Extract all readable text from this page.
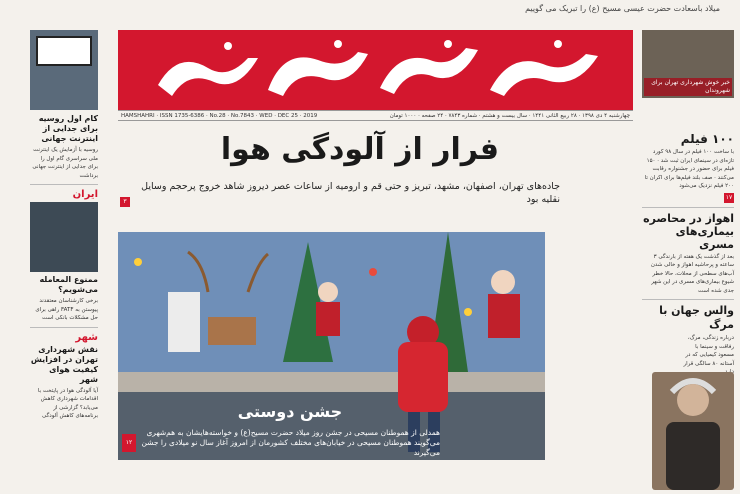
میلاد باسعادت حضرت عیسی مسیح (ع) را تبریک می گوییم
HAMSHAHRI · ISSN 1735-6386 · No.28 · No.7843 · WED · DEC 25 · 2019	چهارشنبه ۴ دی ۱۳۹۸ · ۲۸ ربیع الثانی ۱۴۴۱ · سال بیست و هشتم · شماره ۷۸۴۳ · ۲۴ صفحه · ۱۰۰۰ تومان
فرار از آلودگی هوا
جاده‌های تهران، اصفهان، مشهد، تبریز و حتی قم و ارومیه از ساعات عصر دیروز شاهد خروج پرحجم وسایل نقلیه بود
۳
۱۲
جشن دوستی
همدلی از هموطنان مسیحی در جشن روز میلاد حضرت مسیح(ع) و خواسته‌هایشان به هم‌شهری می‌گویند هموطنان مسیحی در خیابان‌های مختلف کشورمان از امروز آغاز سال نو میلادی را جشن می‌گیرند
کام اول روسیه برای جدایی از اینترنت جهانی
روسیه با آزمایش یک اینترنت ملی سراسری گام اول را برای جدایی از اینترنت جهانی برداشت
ایران
ممنوع المعامله می‌شویم؟
برخی کارشناسان معتقدند پیوستن به FATF راهی برای حل مشکلات بانکی است
شهر
نقش شهرداری تهران در افزایش کیفیت هوای شهر
آیا آلودگی هوا در پایتخت با اقدامات شهرداری کاهش می‌یابد؟ گزارشی از برنامه‌های کاهش آلودگی
خبر خوش شهرداری تهران برای شهروندان
۱۰۰ فیلم
با ساخت ۱۰۰ فیلم در سال ۹۸ کورد تازه‌ای در سینمای ایران ثبت شد · ۱۵۰ فیلم برای حضور در جشنواره رقابت می‌کنند · صف بلند فیلم‌ها برای اکران تا ۲۰۰ فیلم نزدیک می‌شود
۱۷
اهواز در محاصره بیماری‌های مسری
بعد از گذشت یک هفته از بارندگی ۳ ساعته و پرحاشیه اهواز و خالی شدن آب‌های سطحی از محلات، حالا خطر شیوع بیماری‌های مسری در این شهر جدی شده است
والس جهان با مرگ
درباره زندگی، مرگ، رفاقت و سینما با مسعود کیمیایی که در آستانه ۸۰ سالگی قرار
